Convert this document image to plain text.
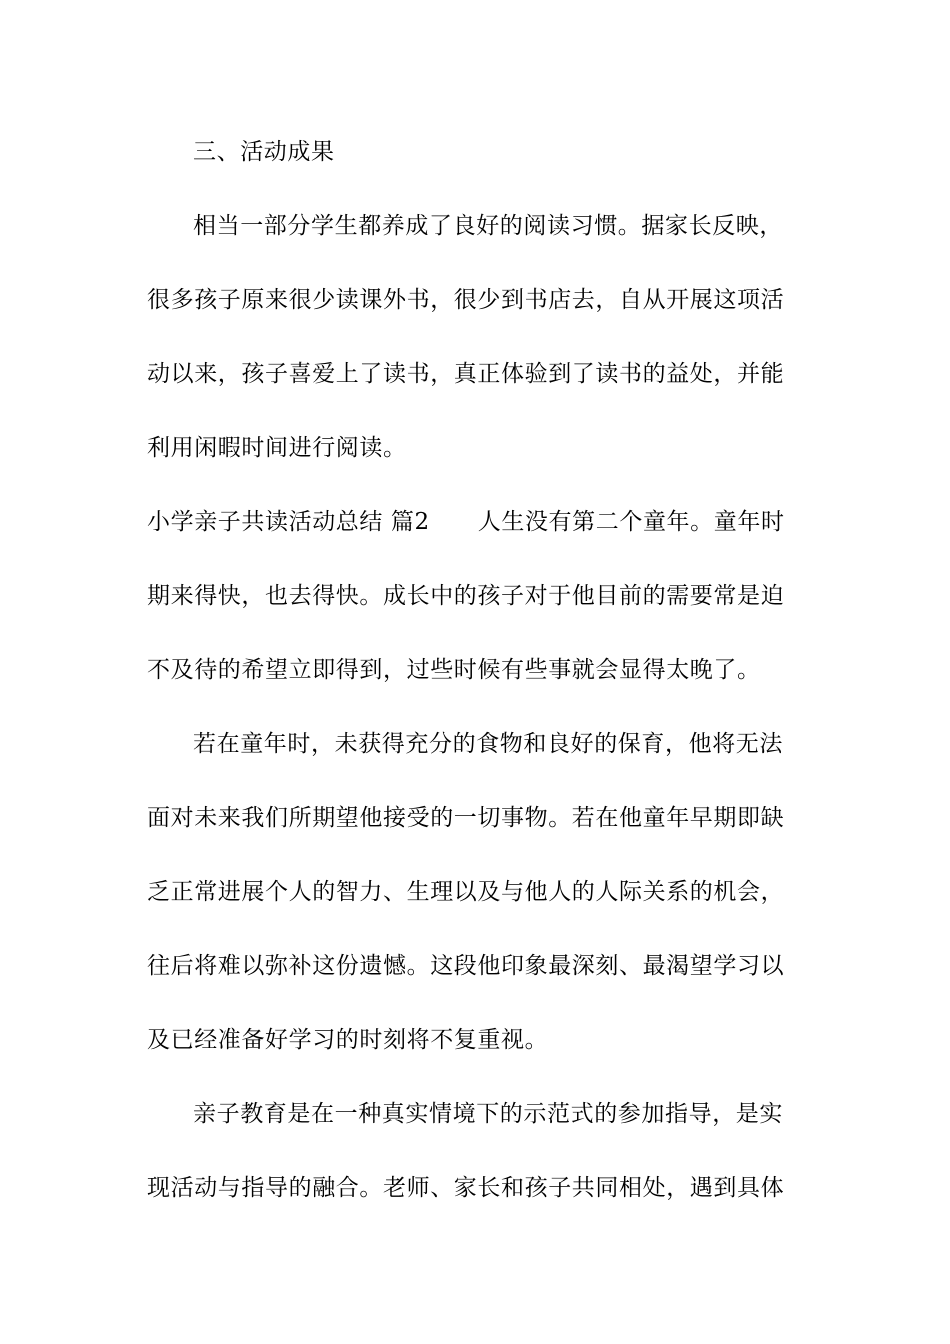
三、活动成果
相当一部分学生都养成了良好的阅读习惯。据家长反映，
很多孩子原来很少读课外书，很少到书店去，自从开展这项活
动以来，孩子喜爱上了读书，真正体验到了读书的益处，并能
利用闲暇时间进行阅读。
小学亲子共读活动总结 篇2 人生没有第二个童年。童年时
期来得快，也去得快。成长中的孩子对于他目前的需要常是迫
不及待的希望立即得到，过些时候有些事就会显得太晚了。
若在童年时，未获得充分的食物和良好的保育，他将无法
面对未来我们所期望他接受的一切事物。若在他童年早期即缺
乏正常进展个人的智力、生理以及与他人的人际关系的机会，
往后将难以弥补这份遗憾。这段他印象最深刻、最渴望学习以
及已经准备好学习的时刻将不复重视。
亲子教育是在一种真实情境下的示范式的参加指导，是实
现活动与指导的融合。老师、家长和孩子共同相处，遇到具体
